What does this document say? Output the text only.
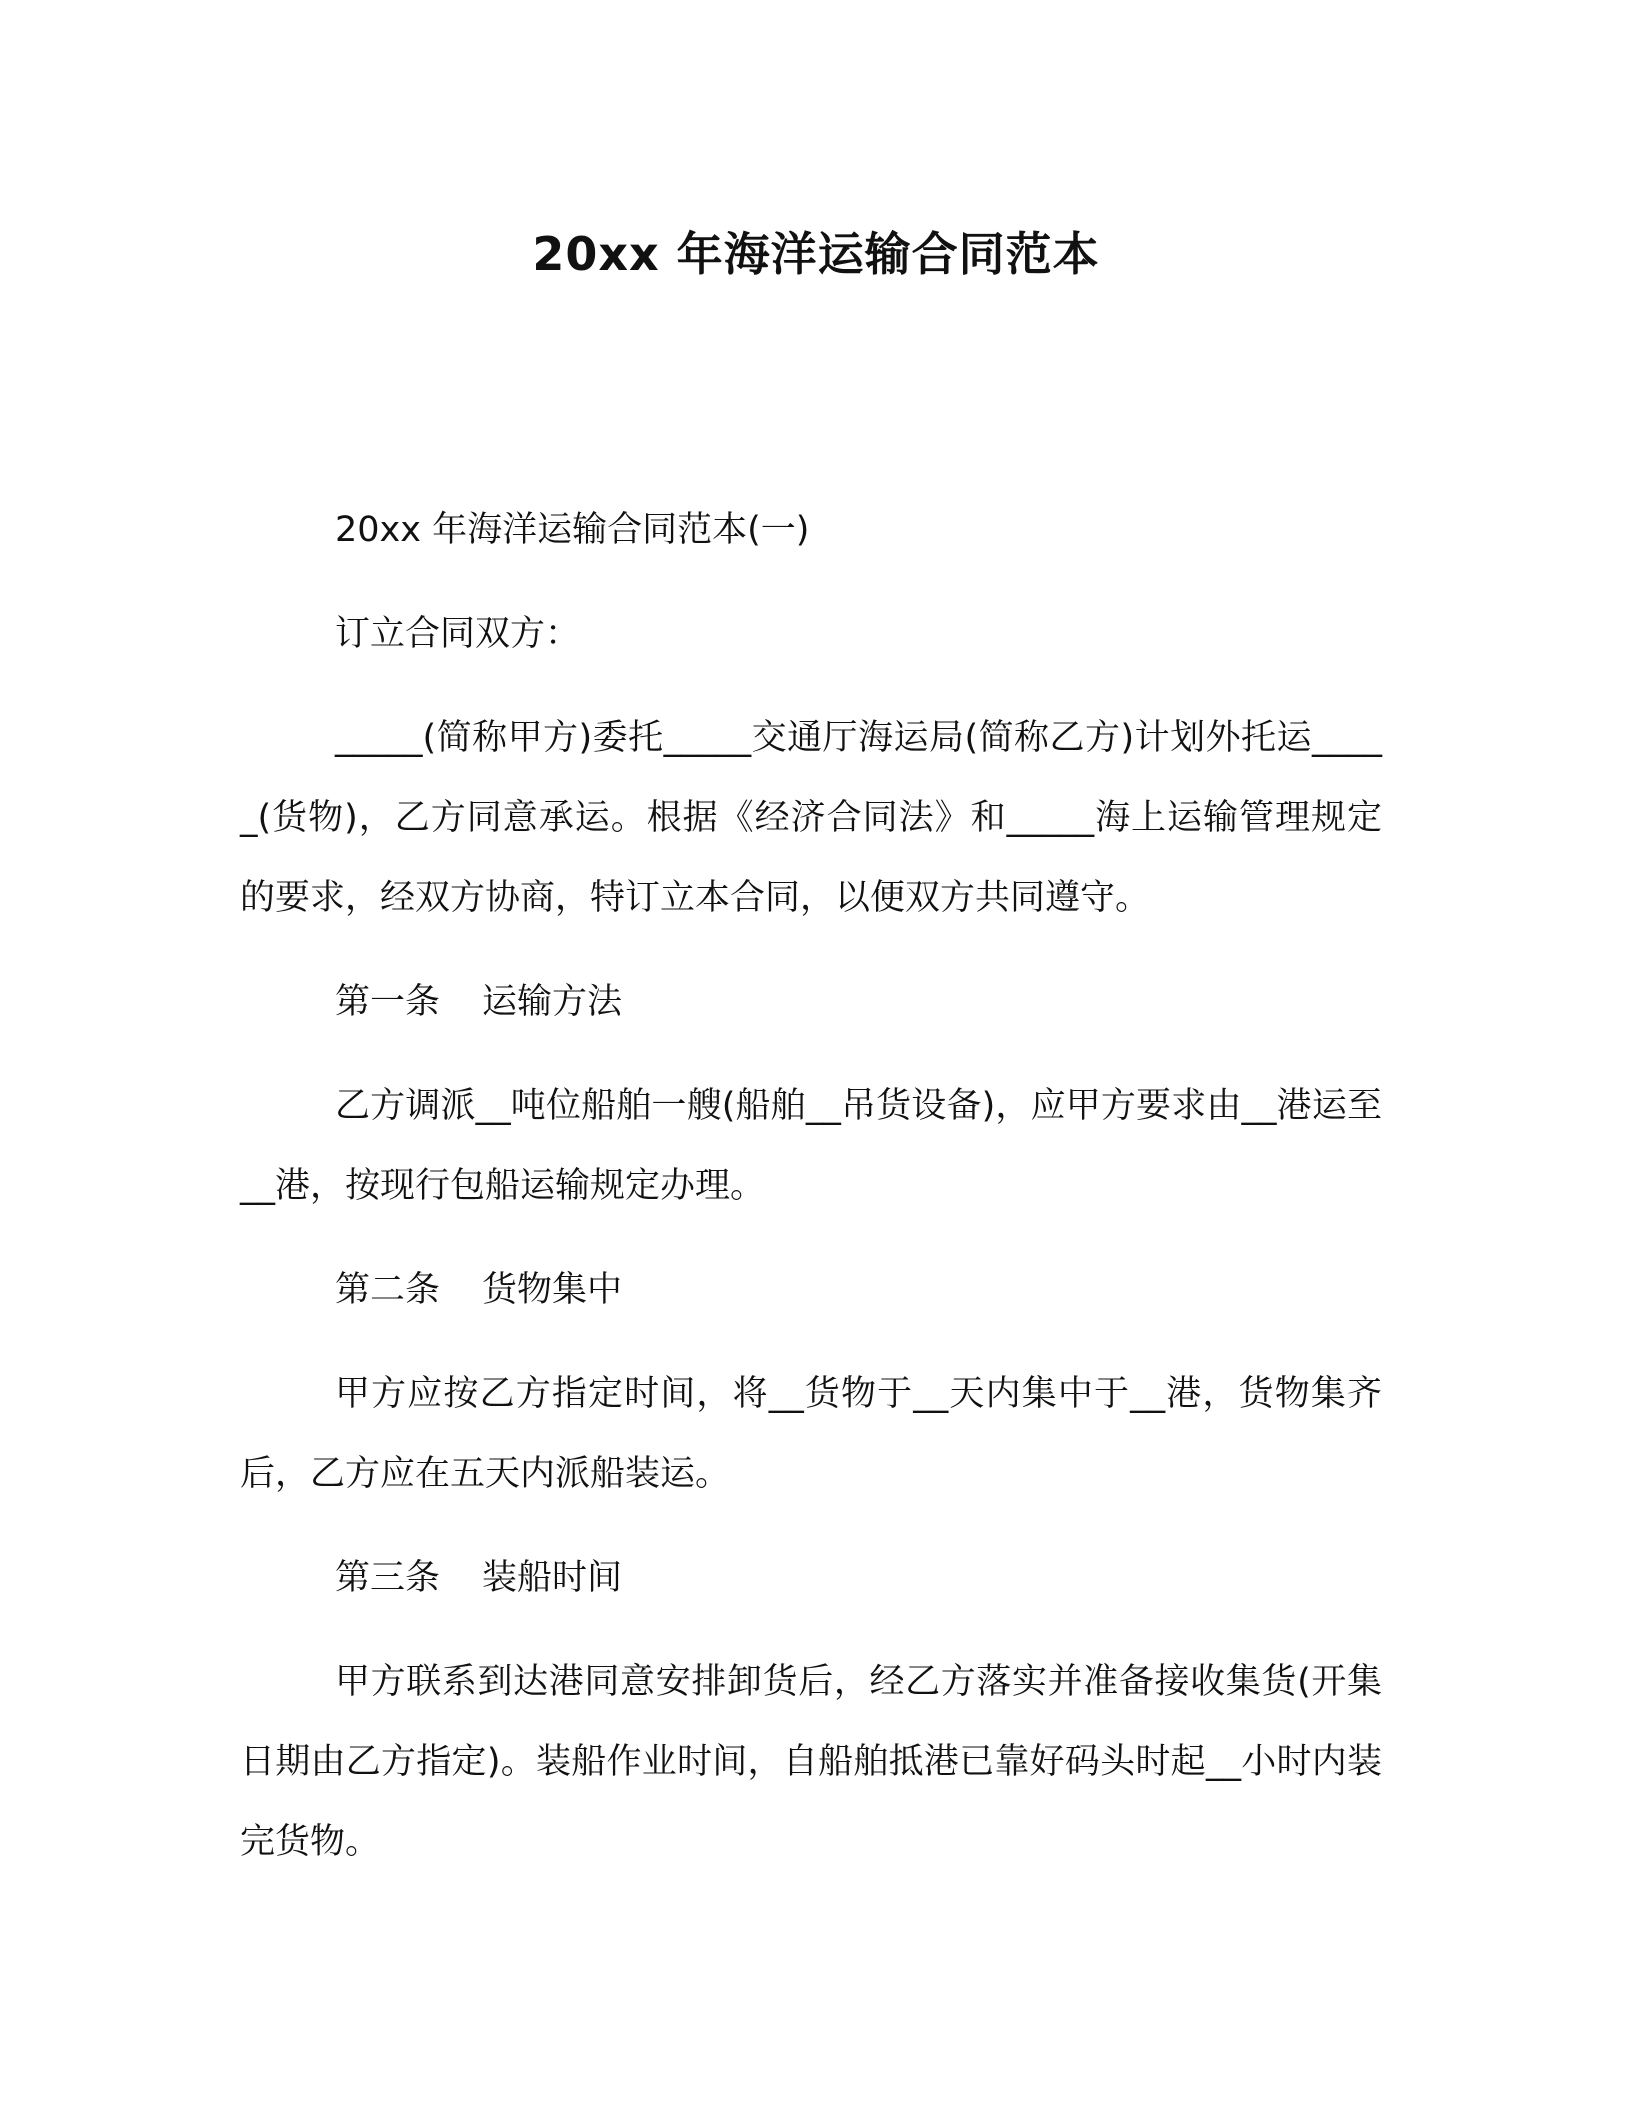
20xx 年海洋运输合同范本

20xx 年海洋运输合同范本(一)

订立合同双方：

_____(简称甲方)委托_____交通厅海运局(简称乙方)计划外托运_____(货物)，乙方同意承运。根据《经济合同法》和_____海上运输管理规定的要求，经双方协商，特订立本合同，以便双方共同遵守。

第一条 运输方法

乙方调派__吨位船舶一艘(船舶__吊货设备)，应甲方要求由__港运至__港，按现行包船运输规定办理。

第二条 货物集中

甲方应按乙方指定时间，将__货物于__天内集中于__港，货物集齐后，乙方应在五天内派船装运。

第三条 装船时间

甲方联系到达港同意安排卸货后，经乙方落实并准备接收集货(开集日期由乙方指定)。装船作业时间，自船舶抵港已靠好码头时起__小时内装完货物。
